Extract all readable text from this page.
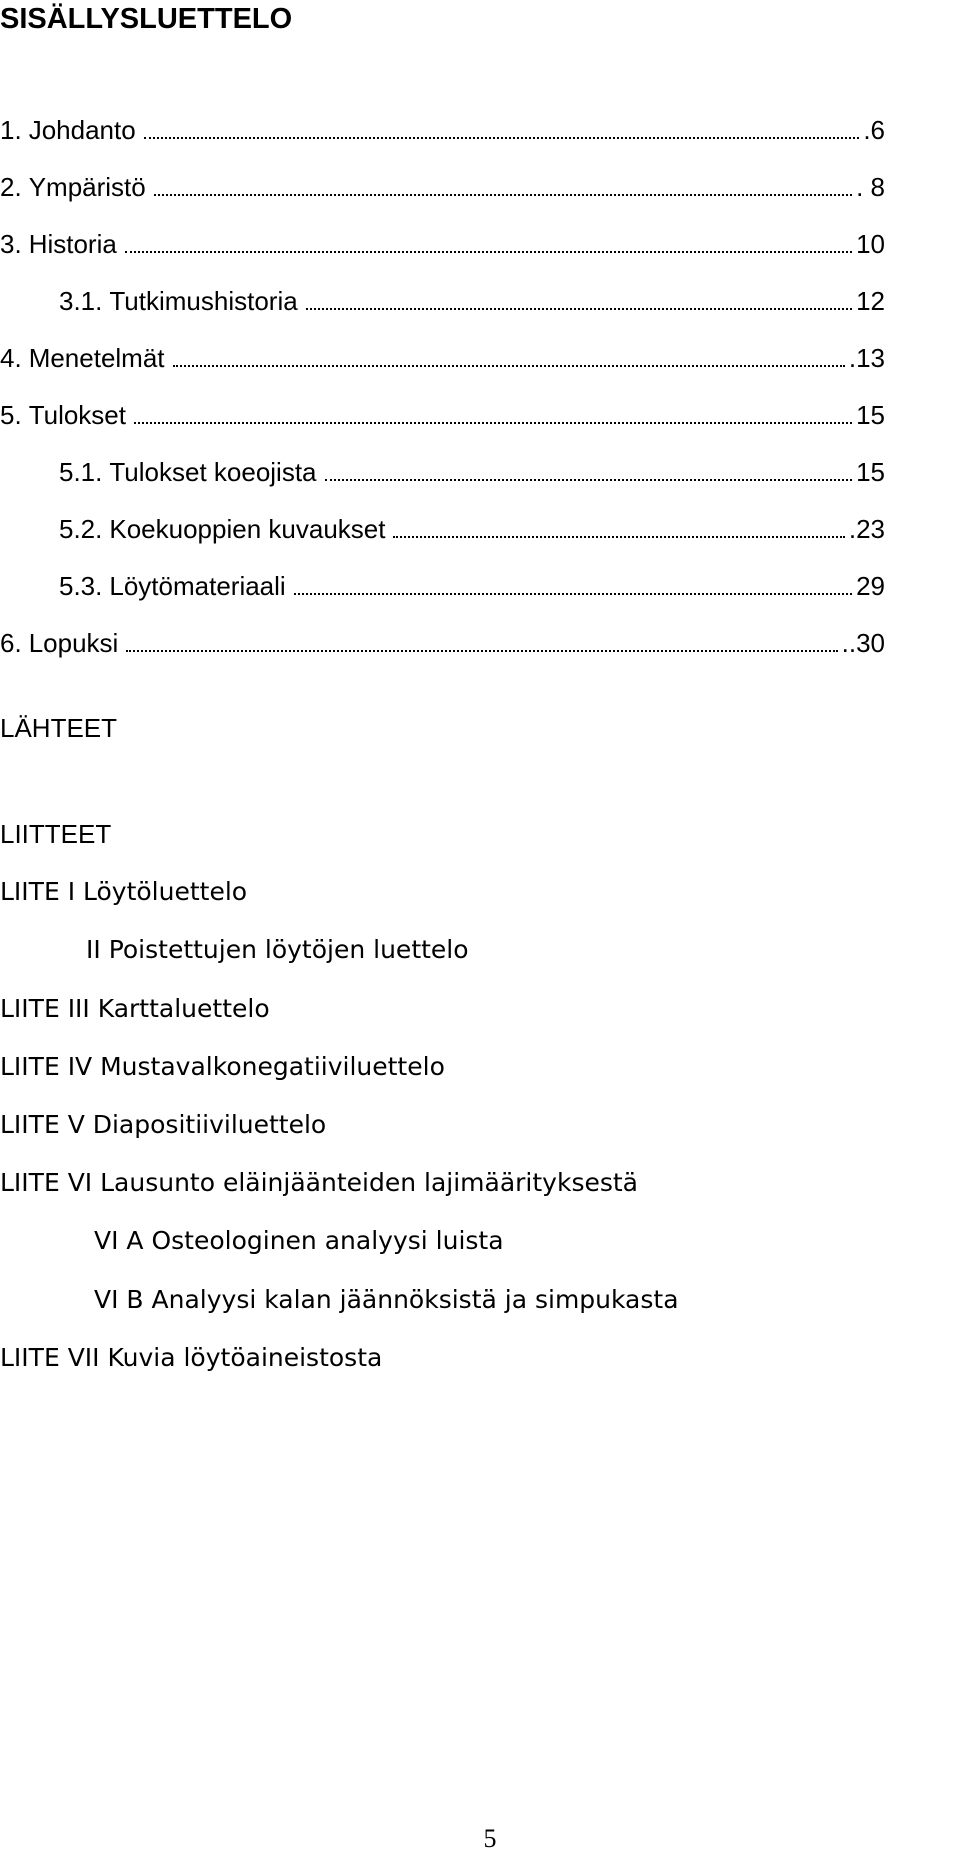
SISÄLLYSLUETTELO
1. Johdanto	.6
2. Ympäristö	. 8
3. Historia	10
3.1. Tutkimushistoria	12
4. Menetelmät	.13
5. Tulokset	15
5.1. Tulokset koeojista	15
5.2. Koekuoppien kuvaukset	.23
5.3. Löytömateriaali	29
6. Lopuksi	..30
LÄHTEET
LIITTEET
LIITE I Löytöluettelo
II Poistettujen löytöjen luettelo
LIITE III Karttaluettelo
LIITE IV Mustavalkonegatiiviluettelo
LIITE V Diapositiiviluettelo
LIITE VI Lausunto eläinjäänteiden lajimäärityksestä
VI A Osteologinen analyysi luista
VI B Analyysi kalan jäännöksistä ja simpukasta
LIITE VII Kuvia löytöaineistosta
5
